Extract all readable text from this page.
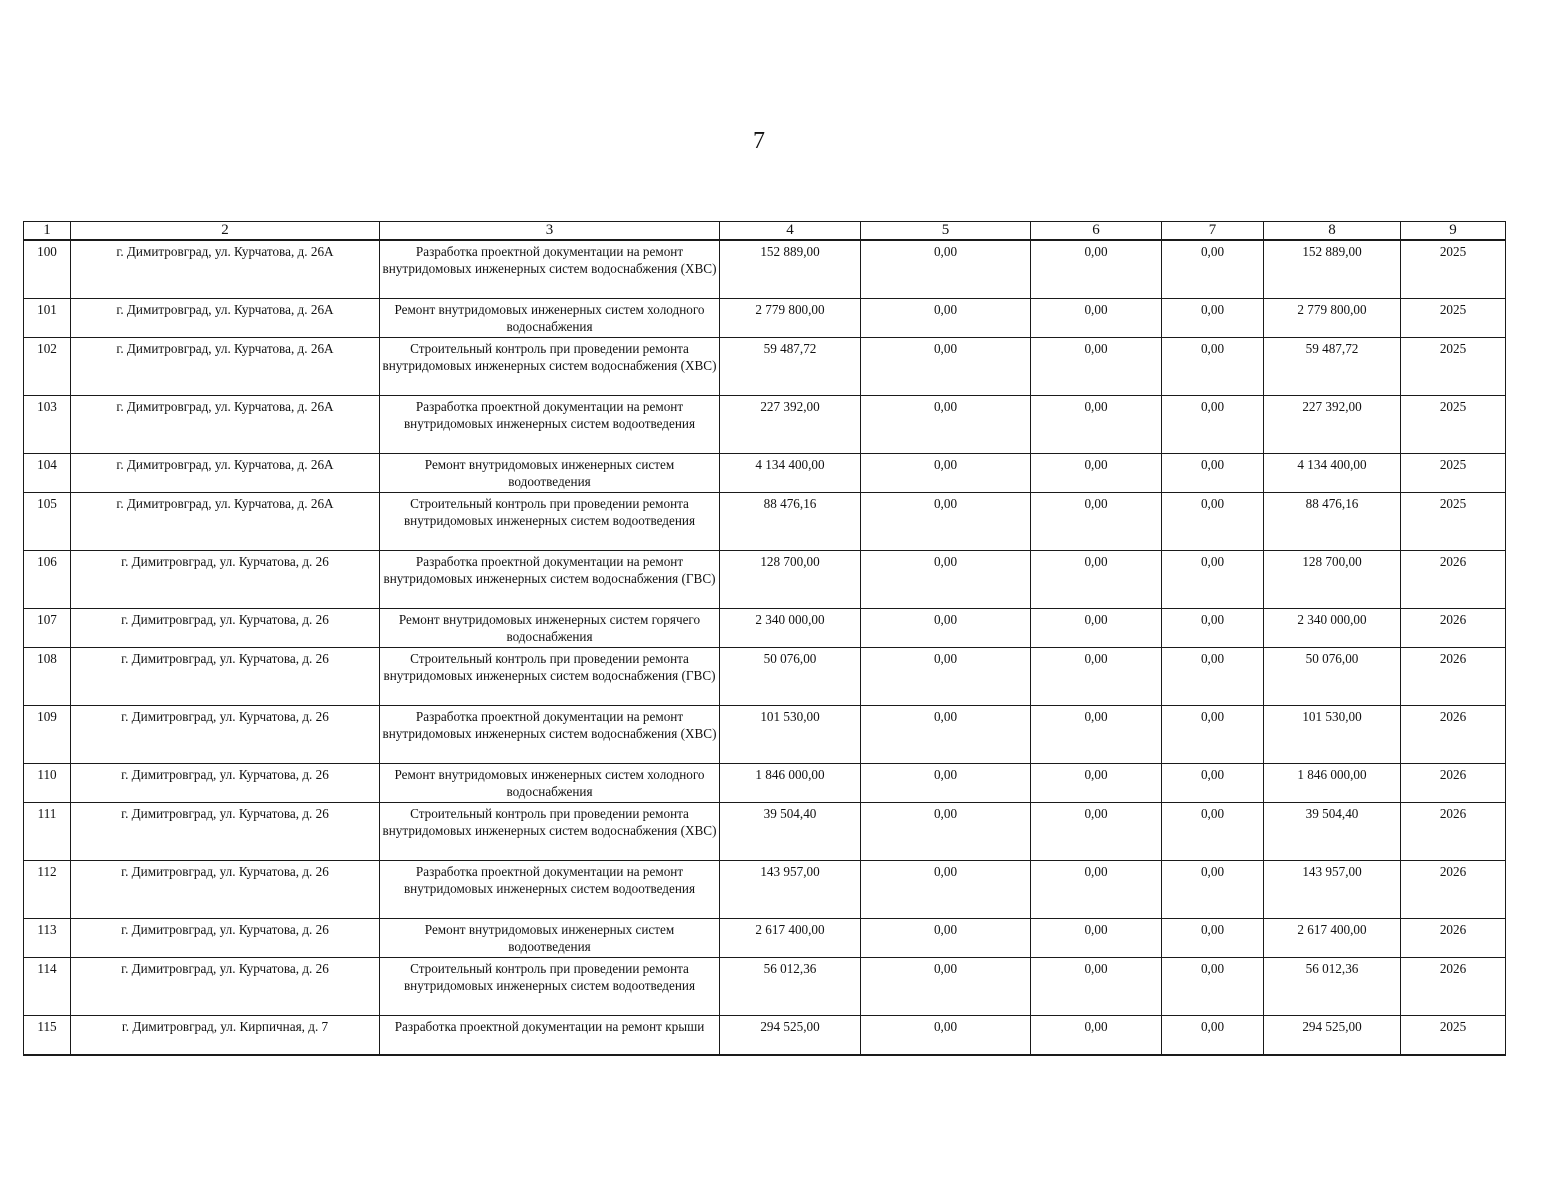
7
1	2	3	4	5	6	7	8	9
100	г. Димитровград, ул. Курчатова, д. 26А	Разработка проектной документации на ремонт внутридомовых инженерных систем водоснабжения (ХВС)	152 889,00	0,00	0,00	0,00	152 889,00	2025
101	г. Димитровград, ул. Курчатова, д. 26А	Ремонт внутридомовых инженерных систем холодного водоснабжения	2 779 800,00	0,00	0,00	0,00	2 779 800,00	2025
102	г. Димитровград, ул. Курчатова, д. 26А	Строительный контроль при проведении ремонта внутридомовых инженерных систем водоснабжения (ХВС)	59 487,72	0,00	0,00	0,00	59 487,72	2025
103	г. Димитровград, ул. Курчатова, д. 26А	Разработка проектной документации на ремонт внутридомовых инженерных систем водоотведения	227 392,00	0,00	0,00	0,00	227 392,00	2025
104	г. Димитровград, ул. Курчатова, д. 26А	Ремонт внутридомовых инженерных систем водоотведения	4 134 400,00	0,00	0,00	0,00	4 134 400,00	2025
105	г. Димитровград, ул. Курчатова, д. 26А	Строительный контроль при проведении ремонта внутридомовых инженерных систем водоотведения	88 476,16	0,00	0,00	0,00	88 476,16	2025
106	г. Димитровград, ул. Курчатова, д. 26	Разработка проектной документации на ремонт внутридомовых инженерных систем водоснабжения (ГВС)	128 700,00	0,00	0,00	0,00	128 700,00	2026
107	г. Димитровград, ул. Курчатова, д. 26	Ремонт внутридомовых инженерных систем горячего водоснабжения	2 340 000,00	0,00	0,00	0,00	2 340 000,00	2026
108	г. Димитровград, ул. Курчатова, д. 26	Строительный контроль при проведении ремонта внутридомовых инженерных систем водоснабжения (ГВС)	50 076,00	0,00	0,00	0,00	50 076,00	2026
109	г. Димитровград, ул. Курчатова, д. 26	Разработка проектной документации на ремонт внутридомовых инженерных систем водоснабжения (ХВС)	101 530,00	0,00	0,00	0,00	101 530,00	2026
110	г. Димитровград, ул. Курчатова, д. 26	Ремонт внутридомовых инженерных систем холодного водоснабжения	1 846 000,00	0,00	0,00	0,00	1 846 000,00	2026
111	г. Димитровград, ул. Курчатова, д. 26	Строительный контроль при проведении ремонта внутридомовых инженерных систем водоснабжения (ХВС)	39 504,40	0,00	0,00	0,00	39 504,40	2026
112	г. Димитровград, ул. Курчатова, д. 26	Разработка проектной документации на ремонт внутридомовых инженерных систем водоотведения	143 957,00	0,00	0,00	0,00	143 957,00	2026
113	г. Димитровград, ул. Курчатова, д. 26	Ремонт внутридомовых инженерных систем водоотведения	2 617 400,00	0,00	0,00	0,00	2 617 400,00	2026
114	г. Димитровград, ул. Курчатова, д. 26	Строительный контроль при проведении ремонта внутридомовых инженерных систем водоотведения	56 012,36	0,00	0,00	0,00	56 012,36	2026
115	г. Димитровград, ул. Кирпичная, д. 7	Разработка проектной документации на ремонт крыши	294 525,00	0,00	0,00	0,00	294 525,00	2025
